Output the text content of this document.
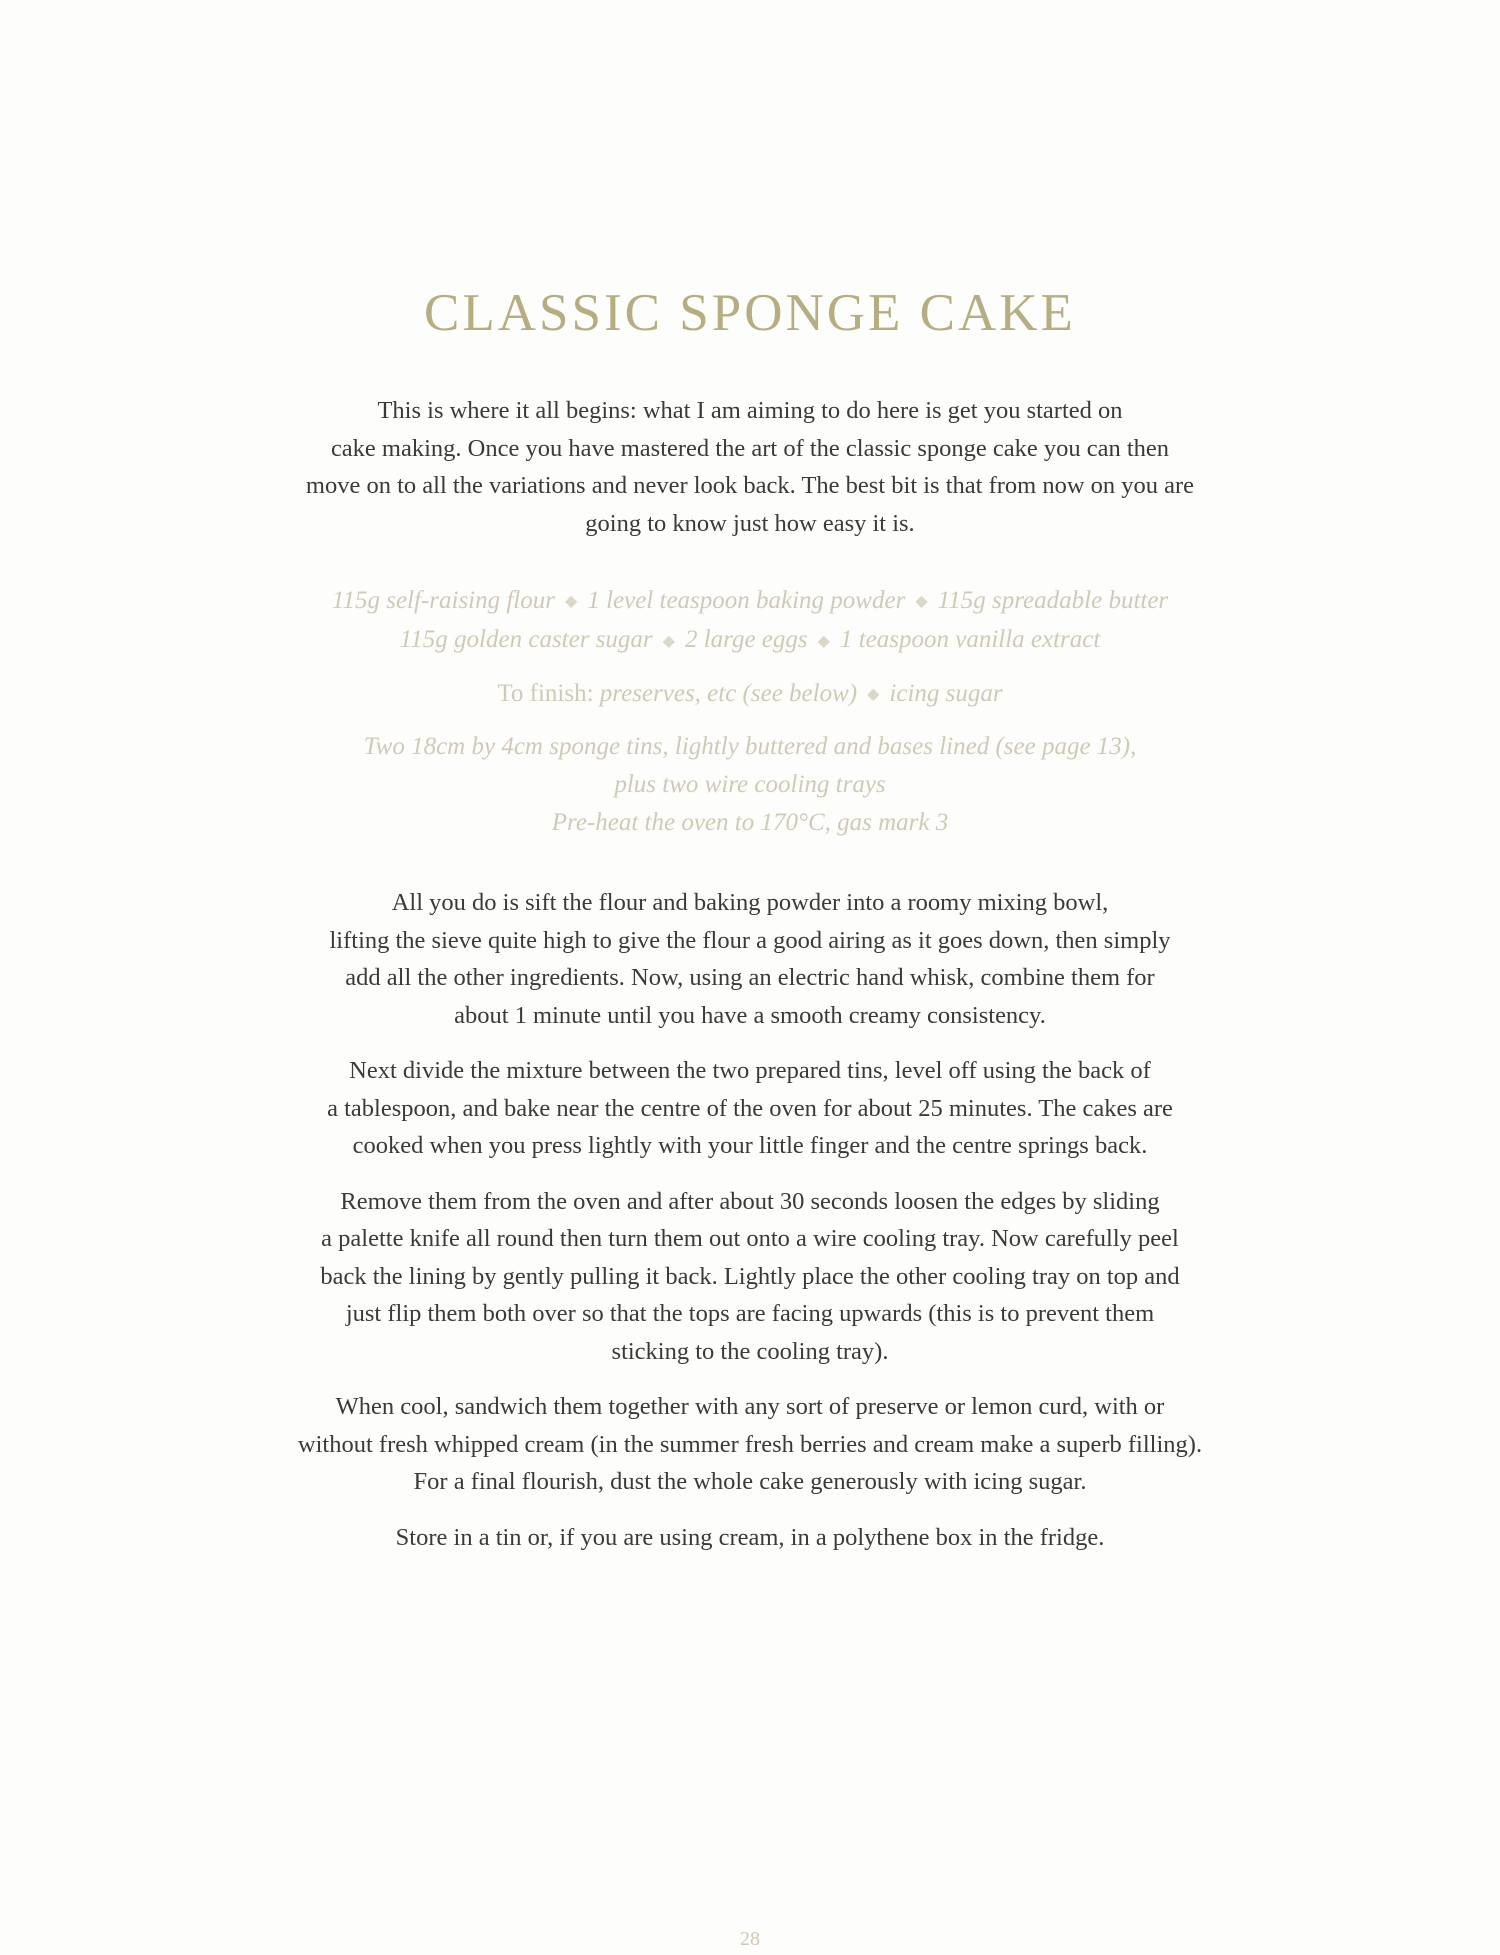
CLASSIC SPONGE CAKE
This is where it all begins: what I am aiming to do here is get you started on
cake making. Once you have mastered the art of the classic sponge cake you can then
move on to all the variations and never look back. The best bit is that from now on you are
going to know just how easy it is.
115g self-raising flour ◆ 1 level teaspoon baking powder ◆ 115g spreadable butter
115g golden caster sugar ◆ 2 large eggs ◆ 1 teaspoon vanilla extract
To finish: preserves, etc (see below) ◆ icing sugar
Two 18cm by 4cm sponge tins, lightly buttered and bases lined (see page 13),
plus two wire cooling trays
Pre-heat the oven to 170°C, gas mark 3

All you do is sift the flour and baking powder into a roomy mixing bowl,
lifting the sieve quite high to give the flour a good airing as it goes down, then simply
add all the other ingredients. Now, using an electric hand whisk, combine them for
about 1 minute until you have a smooth creamy consistency.

Next divide the mixture between the two prepared tins, level off using the back of
a tablespoon, and bake near the centre of the oven for about 25 minutes. The cakes are
cooked when you press lightly with your little finger and the centre springs back.

Remove them from the oven and after about 30 seconds loosen the edges by sliding
a palette knife all round then turn them out onto a wire cooling tray. Now carefully peel
back the lining by gently pulling it back. Lightly place the other cooling tray on top and
just flip them both over so that the tops are facing upwards (this is to prevent them
sticking to the cooling tray).

When cool, sandwich them together with any sort of preserve or lemon curd, with or
without fresh whipped cream (in the summer fresh berries and cream make a superb filling).
For a final flourish, dust the whole cake generously with icing sugar.

Store in a tin or, if you are using cream, in a polythene box in the fridge.

28
